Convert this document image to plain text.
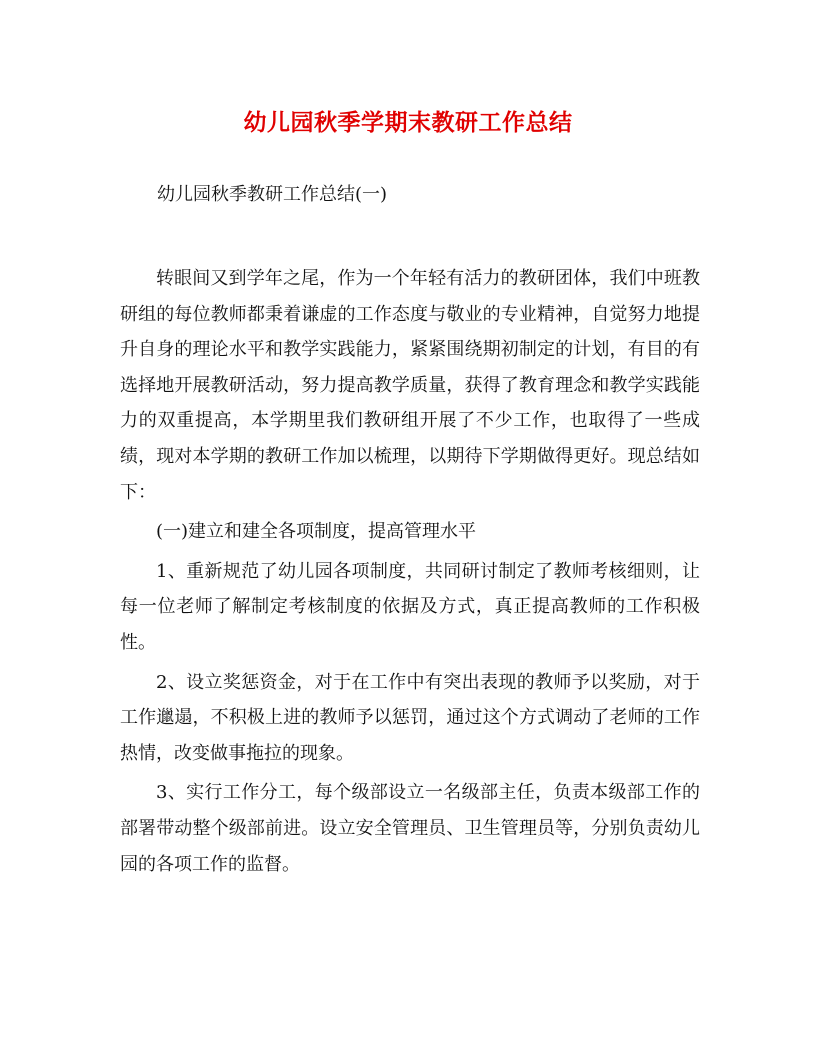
幼儿园秋季学期末教研工作总结
幼儿园秋季教研工作总结(一)

转眼间又到学年之尾，作为一个年轻有活力的教研团体，我们中班教研组的每位教师都秉着谦虚的工作态度与敬业的专业精神，自觉努力地提升自身的理论水平和教学实践能力，紧紧围绕期初制定的计划，有目的有选择地开展教研活动，努力提高教学质量，获得了教育理念和教学实践能力的双重提高，本学期里我们教研组开展了不少工作，也取得了一些成绩，现对本学期的教研工作加以梳理，以期待下学期做得更好。现总结如下：

(一)建立和建全各项制度，提高管理水平

1、重新规范了幼儿园各项制度，共同研讨制定了教师考核细则，让每一位老师了解制定考核制度的依据及方式，真正提高教师的工作积极性。

2、设立奖惩资金，对于在工作中有突出表现的教师予以奖励，对于工作邋遢，不积极上进的教师予以惩罚，通过这个方式调动了老师的工作热情，改变做事拖拉的现象。

3、实行工作分工，每个级部设立一名级部主任，负责本级部工作的部署带动整个级部前进。设立安全管理员、卫生管理员等，分别负责幼儿园的各项工作的监督。
